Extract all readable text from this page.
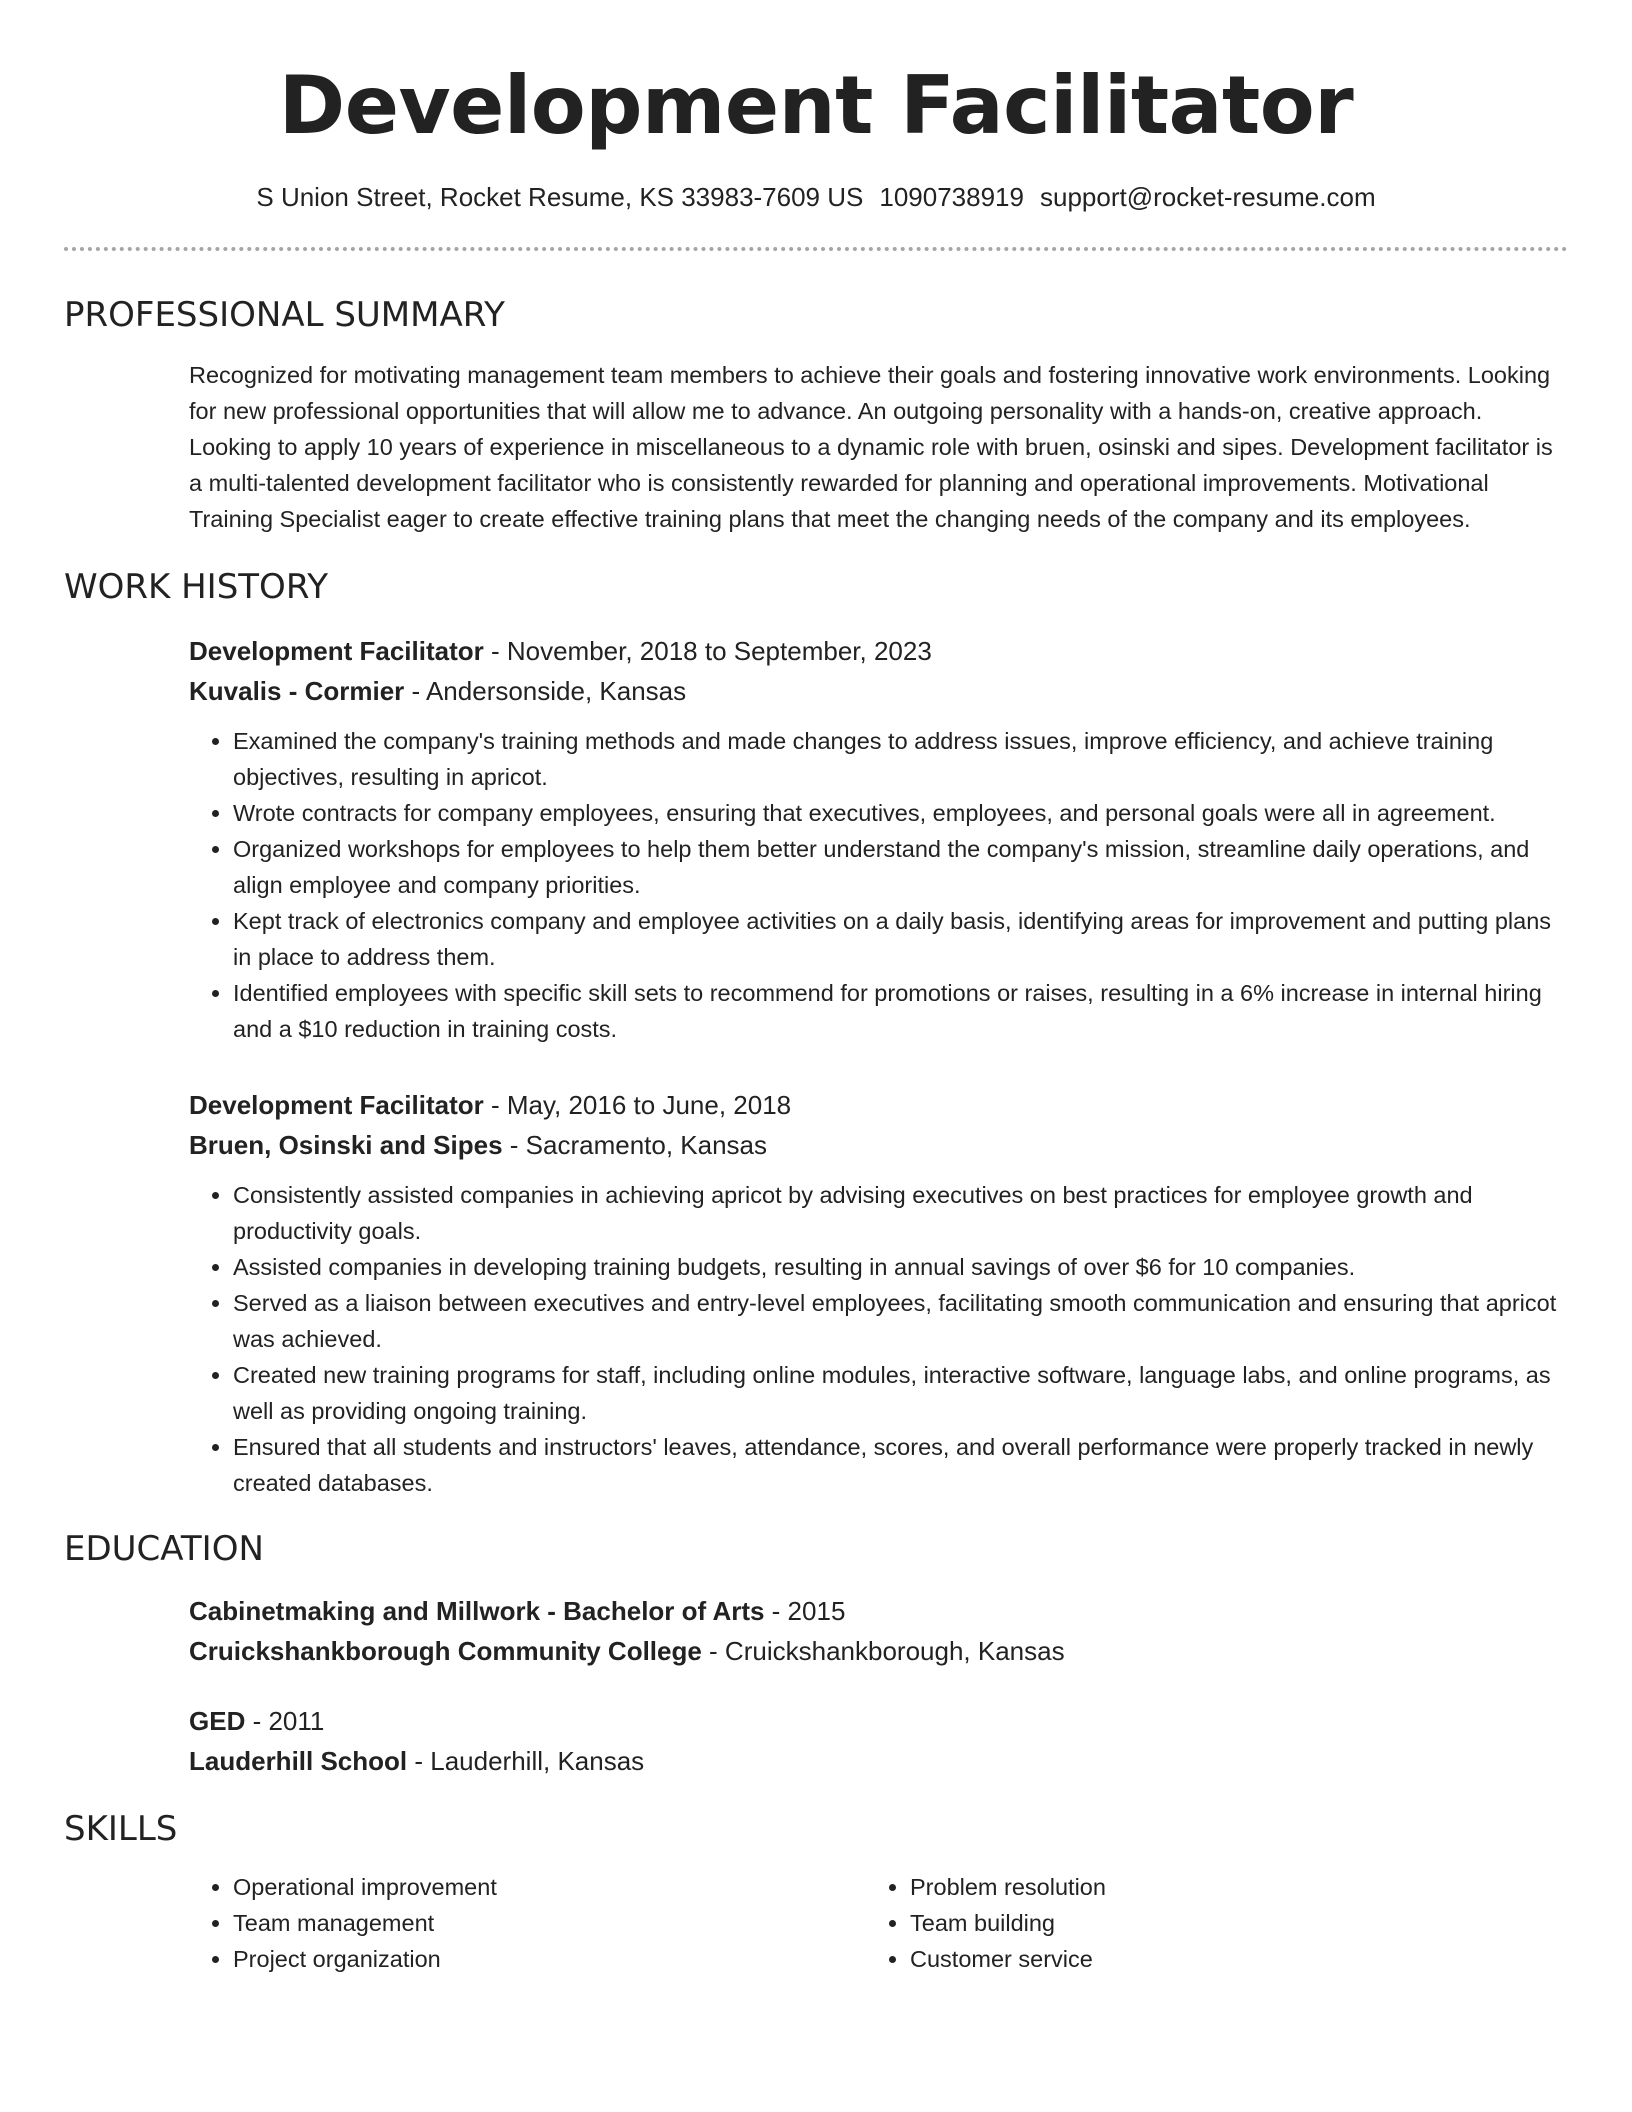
Development Facilitator
S Union Street, Rocket Resume, KS 33983-7609 US 1090738919 support@rocket-resume.com
PROFESSIONAL SUMMARY

Recognized for motivating management team members to achieve their goals and fostering innovative work environments. Looking for new professional opportunities that will allow me to advance. An outgoing personality with a hands-on, creative approach. Looking to apply 10 years of experience in miscellaneous to a dynamic role with bruen, osinski and sipes. Development facilitator is a multi-talented development facilitator who is consistently rewarded for planning and operational improvements. Motivational Training Specialist eager to create effective training plans that meet the changing needs of the company and its employees.

WORK HISTORY
Development Facilitator - November, 2018 to September, 2023
Kuvalis - Cormier - Andersonside, Kansas
• Examined the company's training methods and made changes to address issues, improve efficiency, and achieve training objectives, resulting in apricot.
• Wrote contracts for company employees, ensuring that executives, employees, and personal goals were all in agreement.
• Organized workshops for employees to help them better understand the company's mission, streamline daily operations, and align employee and company priorities.
• Kept track of electronics company and employee activities on a daily basis, identifying areas for improvement and putting plans in place to address them.
• Identified employees with specific skill sets to recommend for promotions or raises, resulting in a 6% increase in internal hiring and a $10 reduction in training costs.
Development Facilitator - May, 2016 to June, 2018
Bruen, Osinski and Sipes - Sacramento, Kansas
• Consistently assisted companies in achieving apricot by advising executives on best practices for employee growth and productivity goals.
• Assisted companies in developing training budgets, resulting in annual savings of over $6 for 10 companies.
• Served as a liaison between executives and entry-level employees, facilitating smooth communication and ensuring that apricot was achieved.
• Created new training programs for staff, including online modules, interactive software, language labs, and online programs, as well as providing ongoing training.
• Ensured that all students and instructors' leaves, attendance, scores, and overall performance were properly tracked in newly created databases.
EDUCATION
Cabinetmaking and Millwork - Bachelor of Arts - 2015
Cruickshankborough Community College - Cruickshankborough, Kansas
GED - 2011
Lauderhill School - Lauderhill, Kansas
SKILLS
• Operational improvement
• Team management
• Project organization
• Problem resolution
• Team building
• Customer service
